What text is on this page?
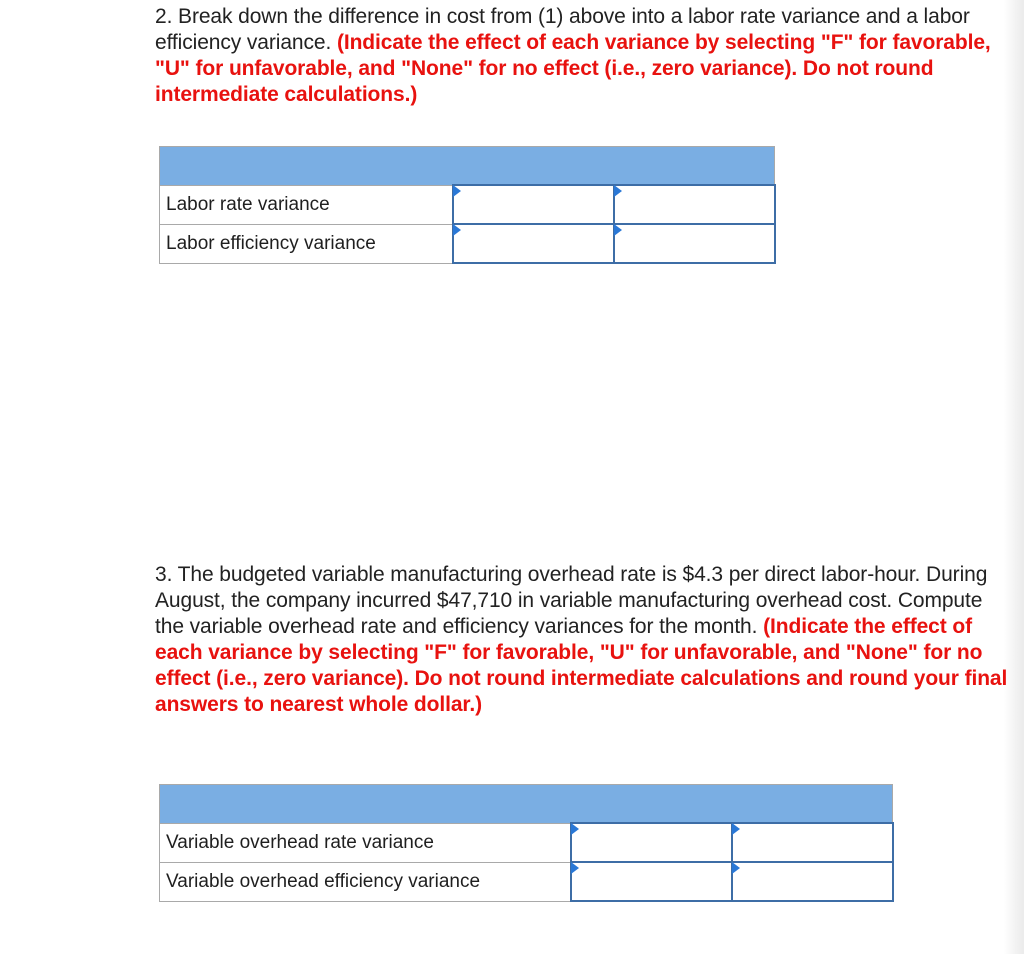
2. Break down the difference in cost from (1) above into a labor rate variance and a labor efficiency variance. (Indicate the effect of each variance by selecting "F" for favorable, "U" for unfavorable, and "None" for no effect (i.e., zero variance). Do not round intermediate calculations.)

Labor rate variance	

Labor efficiency variance	

3. The budgeted variable manufacturing overhead rate is $4.3 per direct labor-hour. During August, the company incurred $47,710 in variable manufacturing overhead cost. Compute the variable overhead rate and efficiency variances for the month. (Indicate the effect of each variance by selecting "F" for favorable, "U" for unfavorable, and "None" for no effect (i.e., zero variance). Do not round intermediate calculations and round your final answers to nearest whole dollar.)

Variable overhead rate variance	

Variable overhead efficiency variance	
